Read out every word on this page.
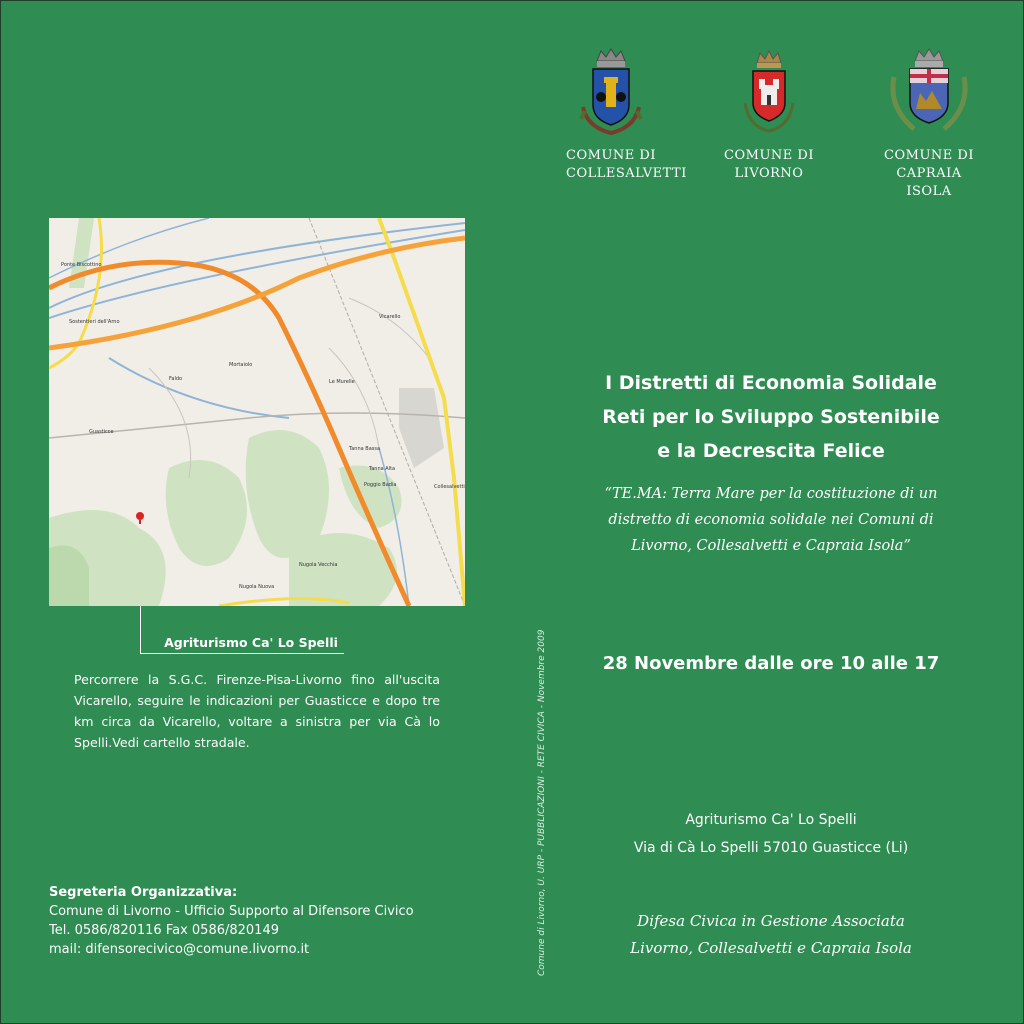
COMUNE DI
COLLESALVETTI
COMUNE DI
LIVORNO
COMUNE DI
CAPRAIA ISOLA
Ponte Biscottino
Sostentieri dell'Arno
Mortaiolo
Le Murelle
Vicarello
Guasticce
Tanna Bassa
Tanna Alta
Poggio Badia	Collesalvetti
Nugola Vecchia
Nugola Nuova
Faldo
Agriturismo Ca' Lo Spelli
Percorrere la S.G.C. Firenze-Pisa-Livorno fino all'uscita Vicarello, seguire le indicazioni per Guasticce e dopo tre km circa da Vicarello, voltare a sinistra per via Cà lo Spelli.Vedi cartello stradale.
Segreteria Organizzativa:
Comune di Livorno - Ufficio Supporto al Difensore Civico
Tel. 0586/820116 Fax 0586/820149
mail: difensorecivico@comune.livorno.it	Comune di Livorno, U. URP - PUBBLICAZIONI - RETE CIVICA - Novembre 2009
I Distretti di Economia Solidale
Reti per lo Sviluppo Sostenibile
e la Decrescita Felice
“TE.MA: Terra Mare per la costituzione di un
distretto di economia solidale nei Comuni di
Livorno, Collesalvetti e Capraia Isola”
28 Novembre dalle ore 10 alle 17
Agriturismo Ca' Lo Spelli
Via di Cà Lo Spelli 57010 Guasticce (Li)
Difesa Civica in Gestione Associata
Livorno, Collesalvetti e Capraia Isola
